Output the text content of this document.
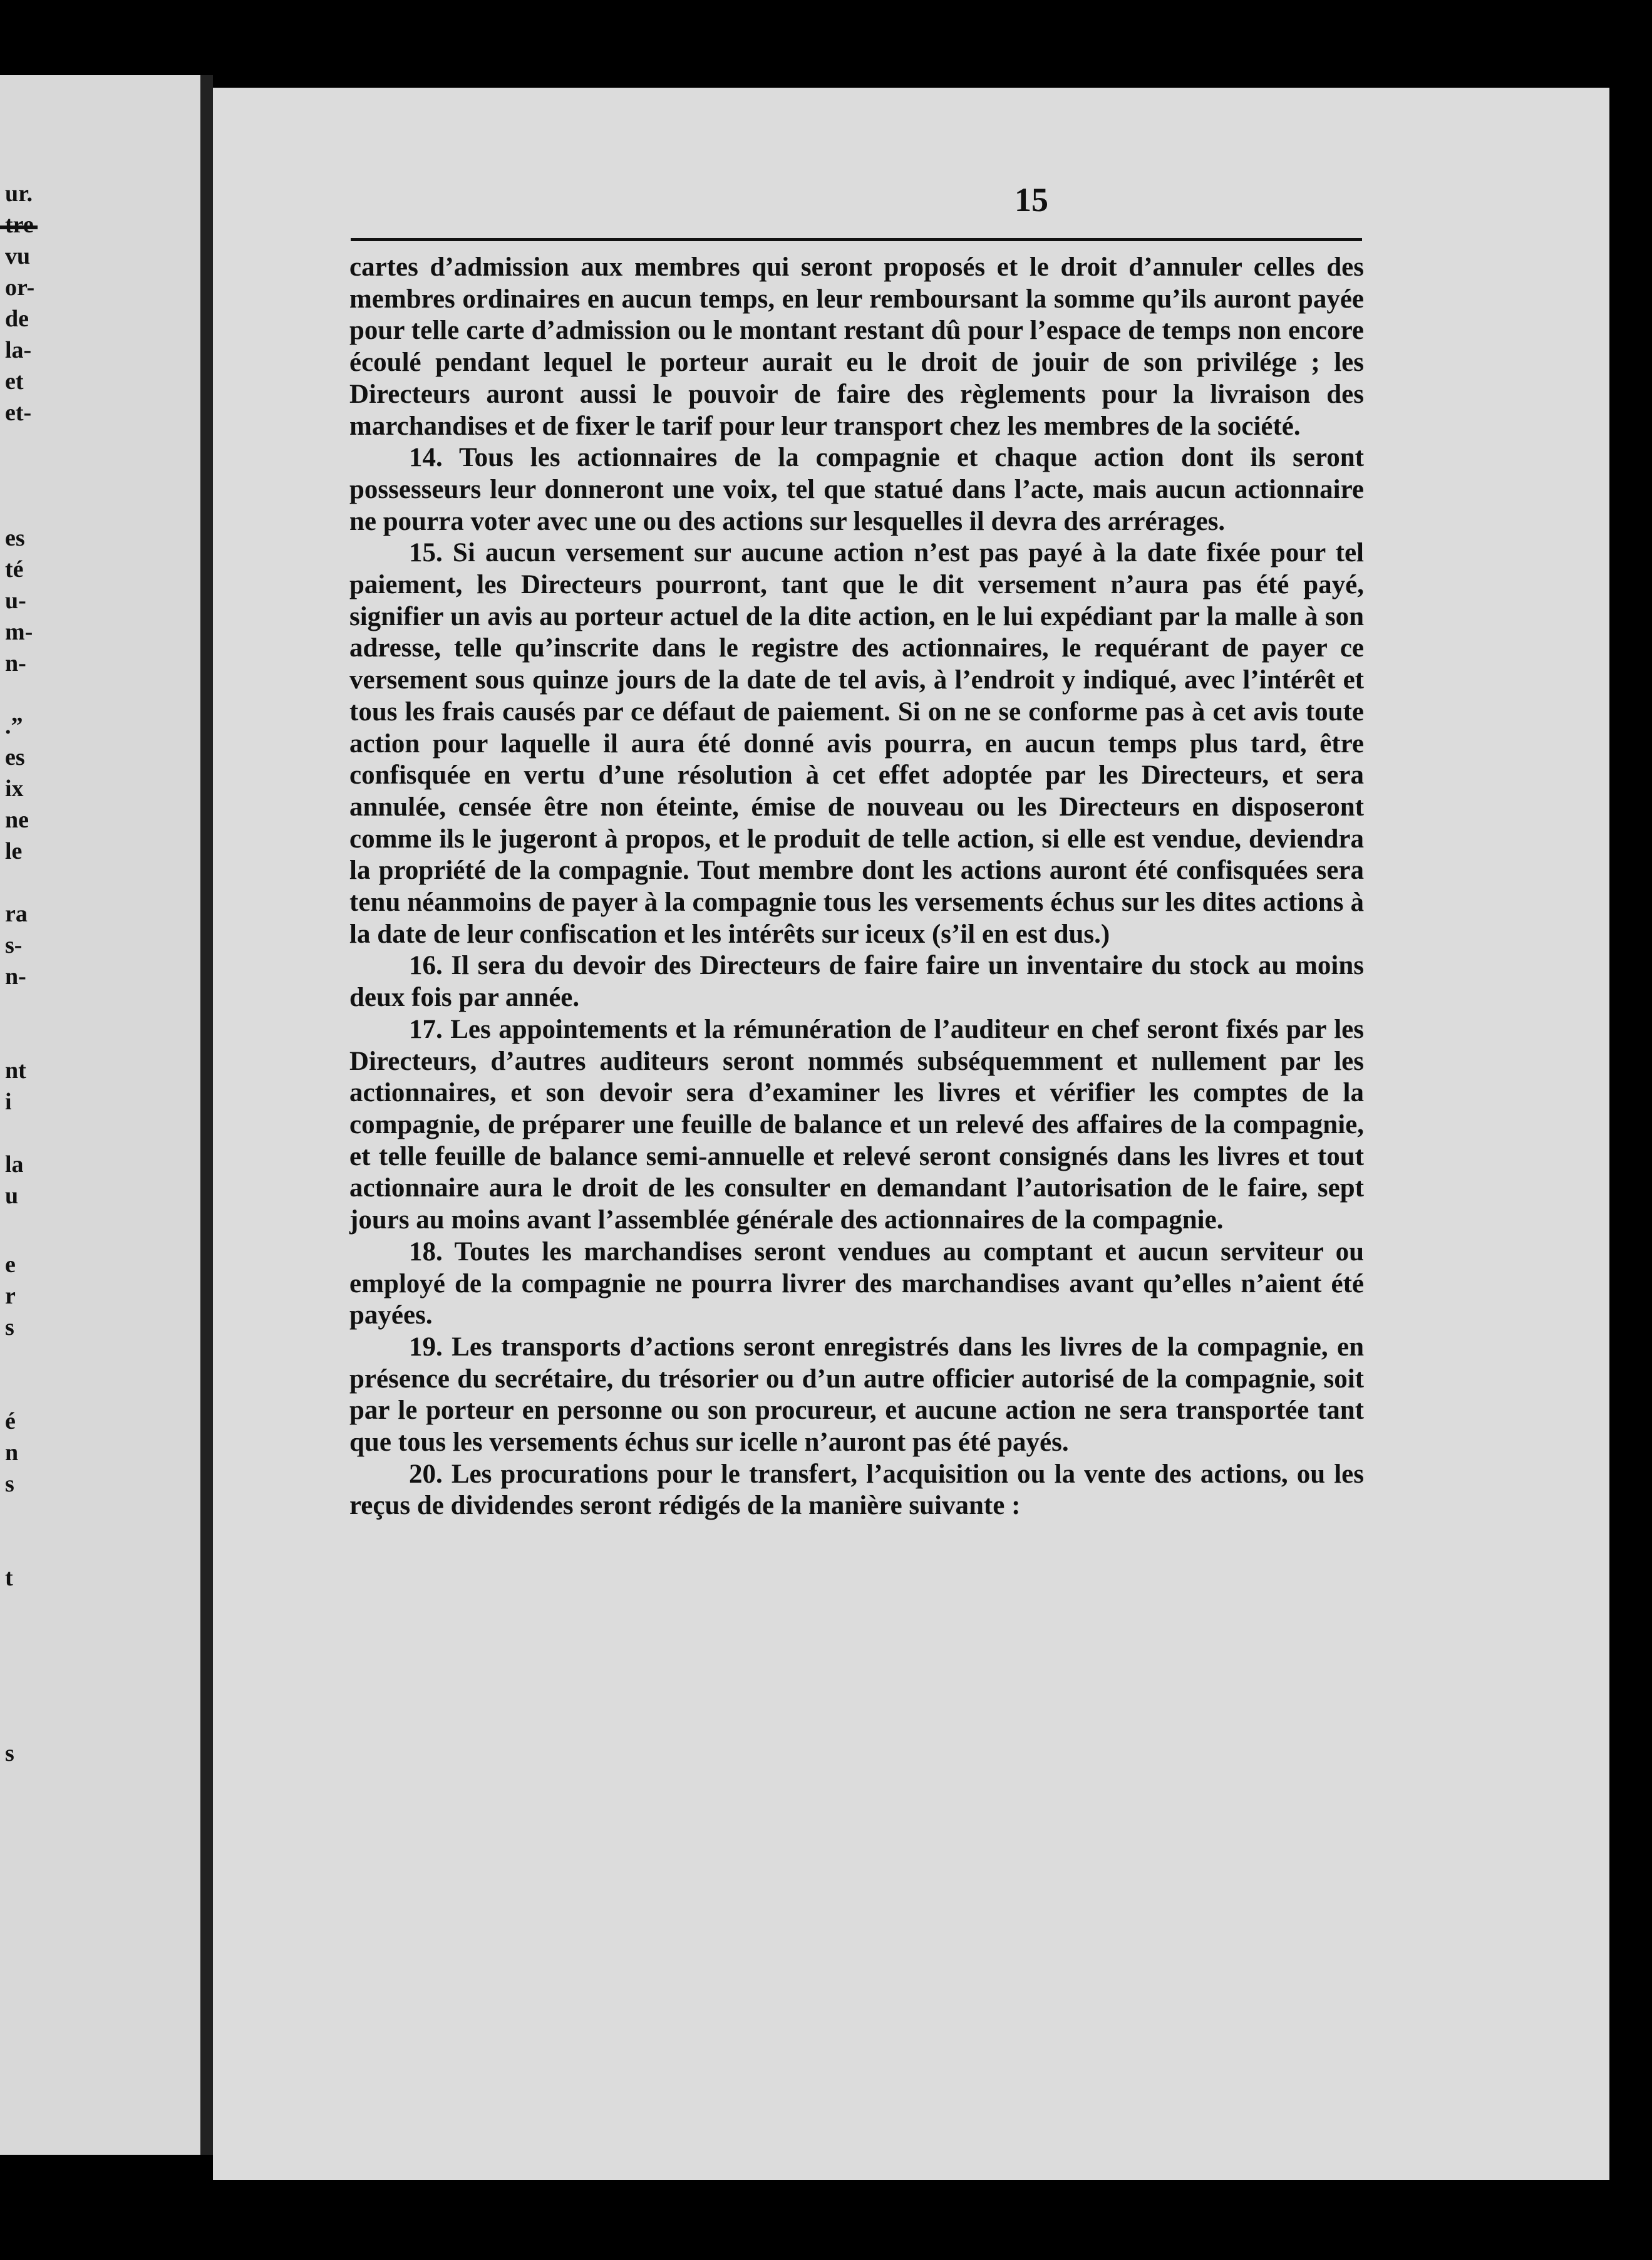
ur.
tre
vu
or-
de
la-
et
et-
es
té
u-
m-
n-
.”
es
ix
ne
le
ra
s-
n-
nt
i
la
u
e
r
s
é
n
s
t
s
15

cartes d’admission aux membres qui seront proposés et le droit d’annuler celles des membres ordinaires en aucun temps, en leur remboursant la somme qu’ils auront payée pour telle carte d’admission ou le montant restant dû pour l’espace de temps non encore écoulé pendant lequel le porteur aurait eu le droit de jouir de son privilége ; les Directeurs auront aussi le pouvoir de faire des règlements pour la livraison des marchandises et de fixer le tarif pour leur transport chez les membres de la société.

14. Tous les actionnaires de la compagnie et chaque action dont ils seront possesseurs leur donneront une voix, tel que statué dans l’acte, mais aucun actionnaire ne pourra voter avec une ou des actions sur lesquelles il devra des arrérages.

15. Si aucun versement sur aucune action n’est pas payé à la date fixée pour tel paiement, les Directeurs pourront, tant que le dit versement n’aura pas été payé, signifier un avis au porteur actuel de la dite action, en le lui expédiant par la malle à son adresse, telle qu’inscrite dans le registre des actionnaires, le requérant de payer ce versement sous quinze jours de la date de tel avis, à l’endroit y indiqué, avec l’intérêt et tous les frais causés par ce défaut de paiement. Si on ne se conforme pas à cet avis toute action pour laquelle il aura été donné avis pourra, en aucun temps plus tard, être confisquée en vertu d’une résolution à cet effet adoptée par les Directeurs, et sera annulée, censée être non éteinte, émise de nouveau ou les Directeurs en disposeront comme ils le jugeront à propos, et le produit de telle action, si elle est vendue, deviendra la propriété de la compagnie. Tout membre dont les actions auront été confisquées sera tenu néanmoins de payer à la compagnie tous les versements échus sur les dites actions à la date de leur confiscation et les intérêts sur iceux (s’il en est dus.)

16. Il sera du devoir des Directeurs de faire faire un inventaire du stock au moins deux fois par année.

17. Les appointements et la rémunération de l’auditeur en chef seront fixés par les Directeurs, d’autres auditeurs seront nommés subséquemment et nullement par les actionnaires, et son devoir sera d’examiner les livres et vérifier les comptes de la compagnie, de préparer une feuille de balance et un relevé des affaires de la compagnie, et telle feuille de balance semi-annuelle et relevé seront consignés dans les livres et tout actionnaire aura le droit de les consulter en demandant l’autorisation de le faire, sept jours au moins avant l’assemblée générale des actionnaires de la compagnie.

18. Toutes les marchandises seront vendues au comptant et aucun serviteur ou employé de la compagnie ne pourra livrer des marchandises avant qu’elles n’aient été payées.

19. Les transports d’actions seront enregistrés dans les livres de la compagnie, en présence du secrétaire, du trésorier ou d’un autre officier autorisé de la compagnie, soit par le porteur en personne ou son procureur, et aucune action ne sera transportée tant que tous les versements échus sur icelle n’auront pas été payés.

20. Les procurations pour le transfert, l’acquisition ou la vente des actions, ou les reçus de dividendes seront rédigés de la manière suivante :
